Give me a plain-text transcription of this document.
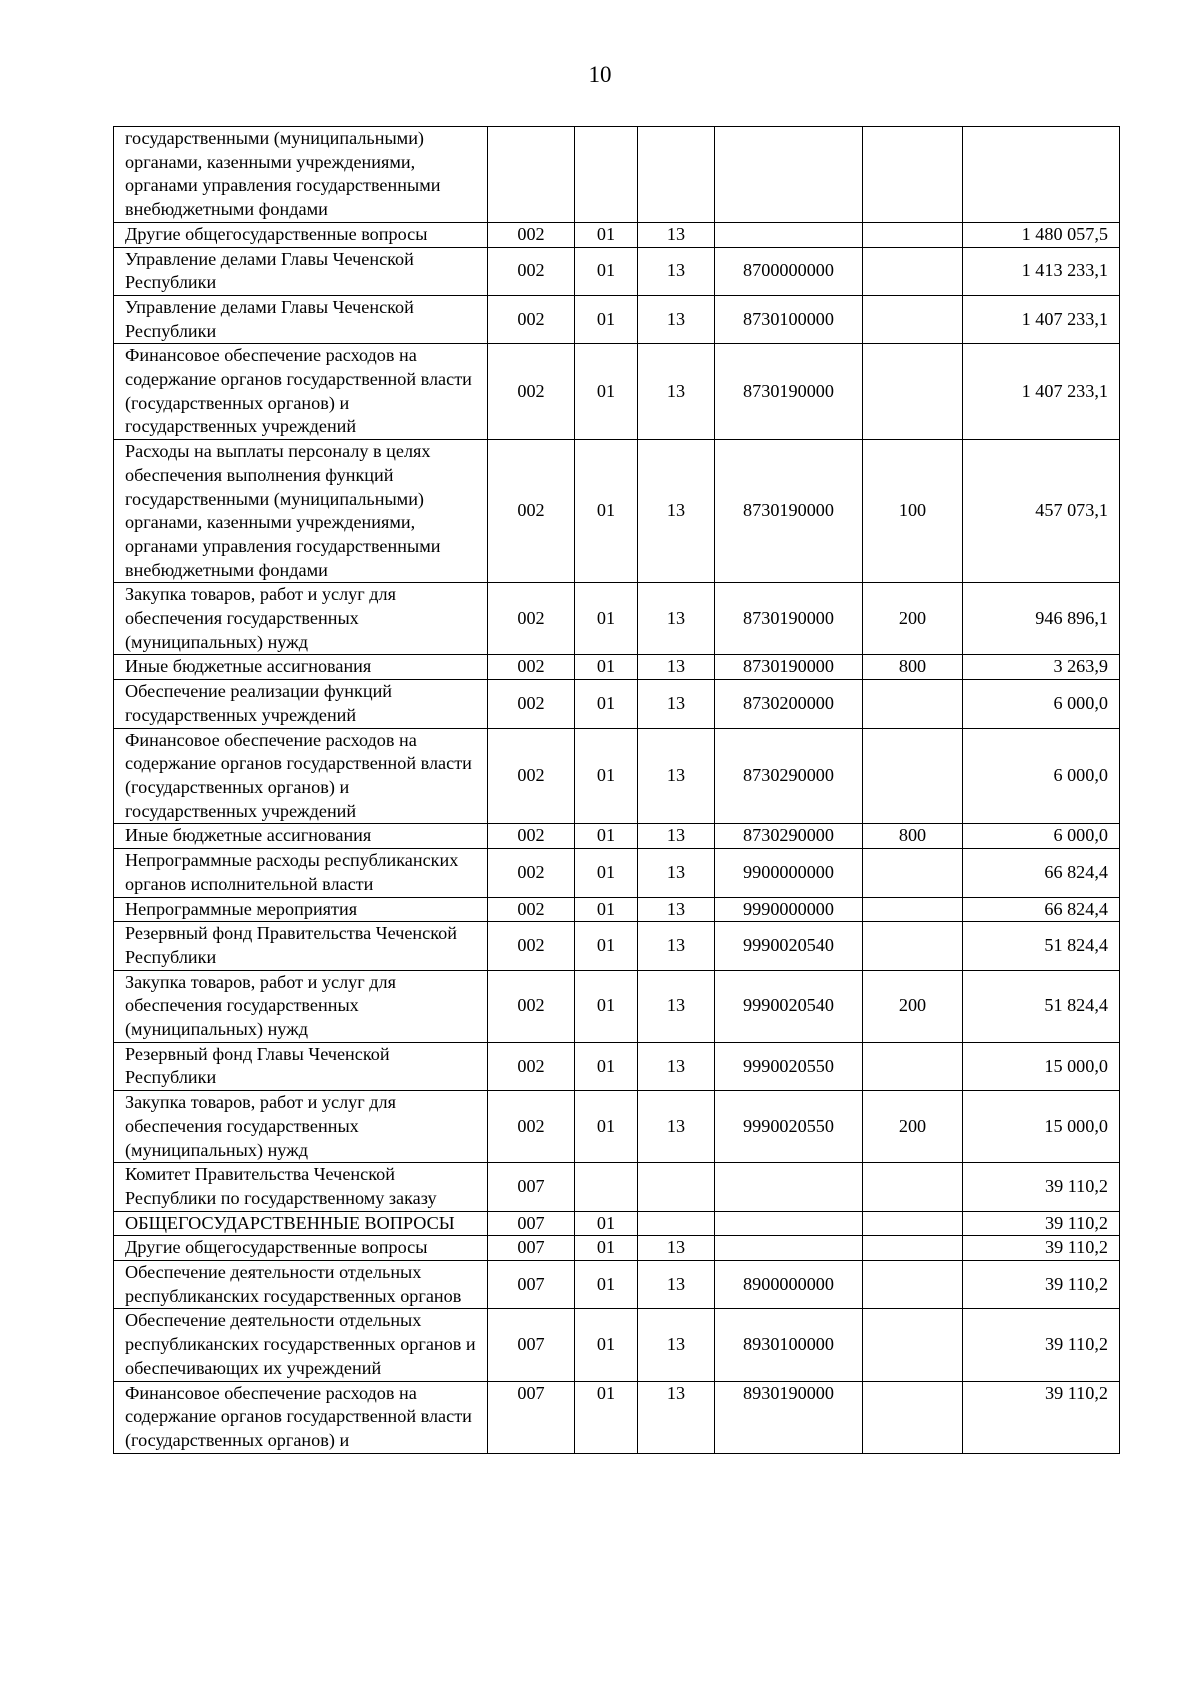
10
государственными (муниципальными) органами, казенными учреждениями, органами управления государственными внебюджетными фондами						
Другие общегосударственные вопросы	002	01	13			1 480 057,5
Управление делами Главы Чеченской Республики	002	01	13	8700000000		1 413 233,1
Управление делами Главы Чеченской Республики	002	01	13	8730100000		1 407 233,1
Финансовое обеспечение расходов на содержание органов государственной власти (государственных органов) и государственных учреждений	002	01	13	8730190000		1 407 233,1
Расходы на выплаты персоналу в целях обеспечения выполнения функций государственными (муниципальными) органами, казенными учреждениями, органами управления государственными внебюджетными фондами	002	01	13	8730190000	100	457 073,1
Закупка товаров, работ и услуг для обеспечения государственных (муниципальных) нужд	002	01	13	8730190000	200	946 896,1
Иные бюджетные ассигнования	002	01	13	8730190000	800	3 263,9
Обеспечение реализации функций государственных учреждений	002	01	13	8730200000		6 000,0
Финансовое обеспечение расходов на содержание органов государственной власти (государственных органов) и государственных учреждений	002	01	13	8730290000		6 000,0
Иные бюджетные ассигнования	002	01	13	8730290000	800	6 000,0
Непрограммные расходы республиканских органов исполнительной власти	002	01	13	9900000000		66 824,4
Непрограммные мероприятия	002	01	13	9990000000		66 824,4
Резервный фонд Правительства Чеченской Республики	002	01	13	9990020540		51 824,4
Закупка товаров, работ и услуг для обеспечения государственных (муниципальных) нужд	002	01	13	9990020540	200	51 824,4
Резервный фонд Главы Чеченской Республики	002	01	13	9990020550		15 000,0
Закупка товаров, работ и услуг для обеспечения государственных (муниципальных) нужд	002	01	13	9990020550	200	15 000,0
Комитет Правительства Чеченской Республики по государственному заказу	007					39 110,2
ОБЩЕГОСУДАРСТВЕННЫЕ ВОПРОСЫ	007	01				39 110,2
Другие общегосударственные вопросы	007	01	13			39 110,2
Обеспечение деятельности отдельных республиканских государственных органов	007	01	13	8900000000		39 110,2
Обеспечение деятельности отдельных республиканских государственных органов и обеспечивающих их учреждений	007	01	13	8930100000		39 110,2
Финансовое обеспечение расходов на содержание органов государственной власти (государственных органов) и	007	01	13	8930190000		39 110,2
